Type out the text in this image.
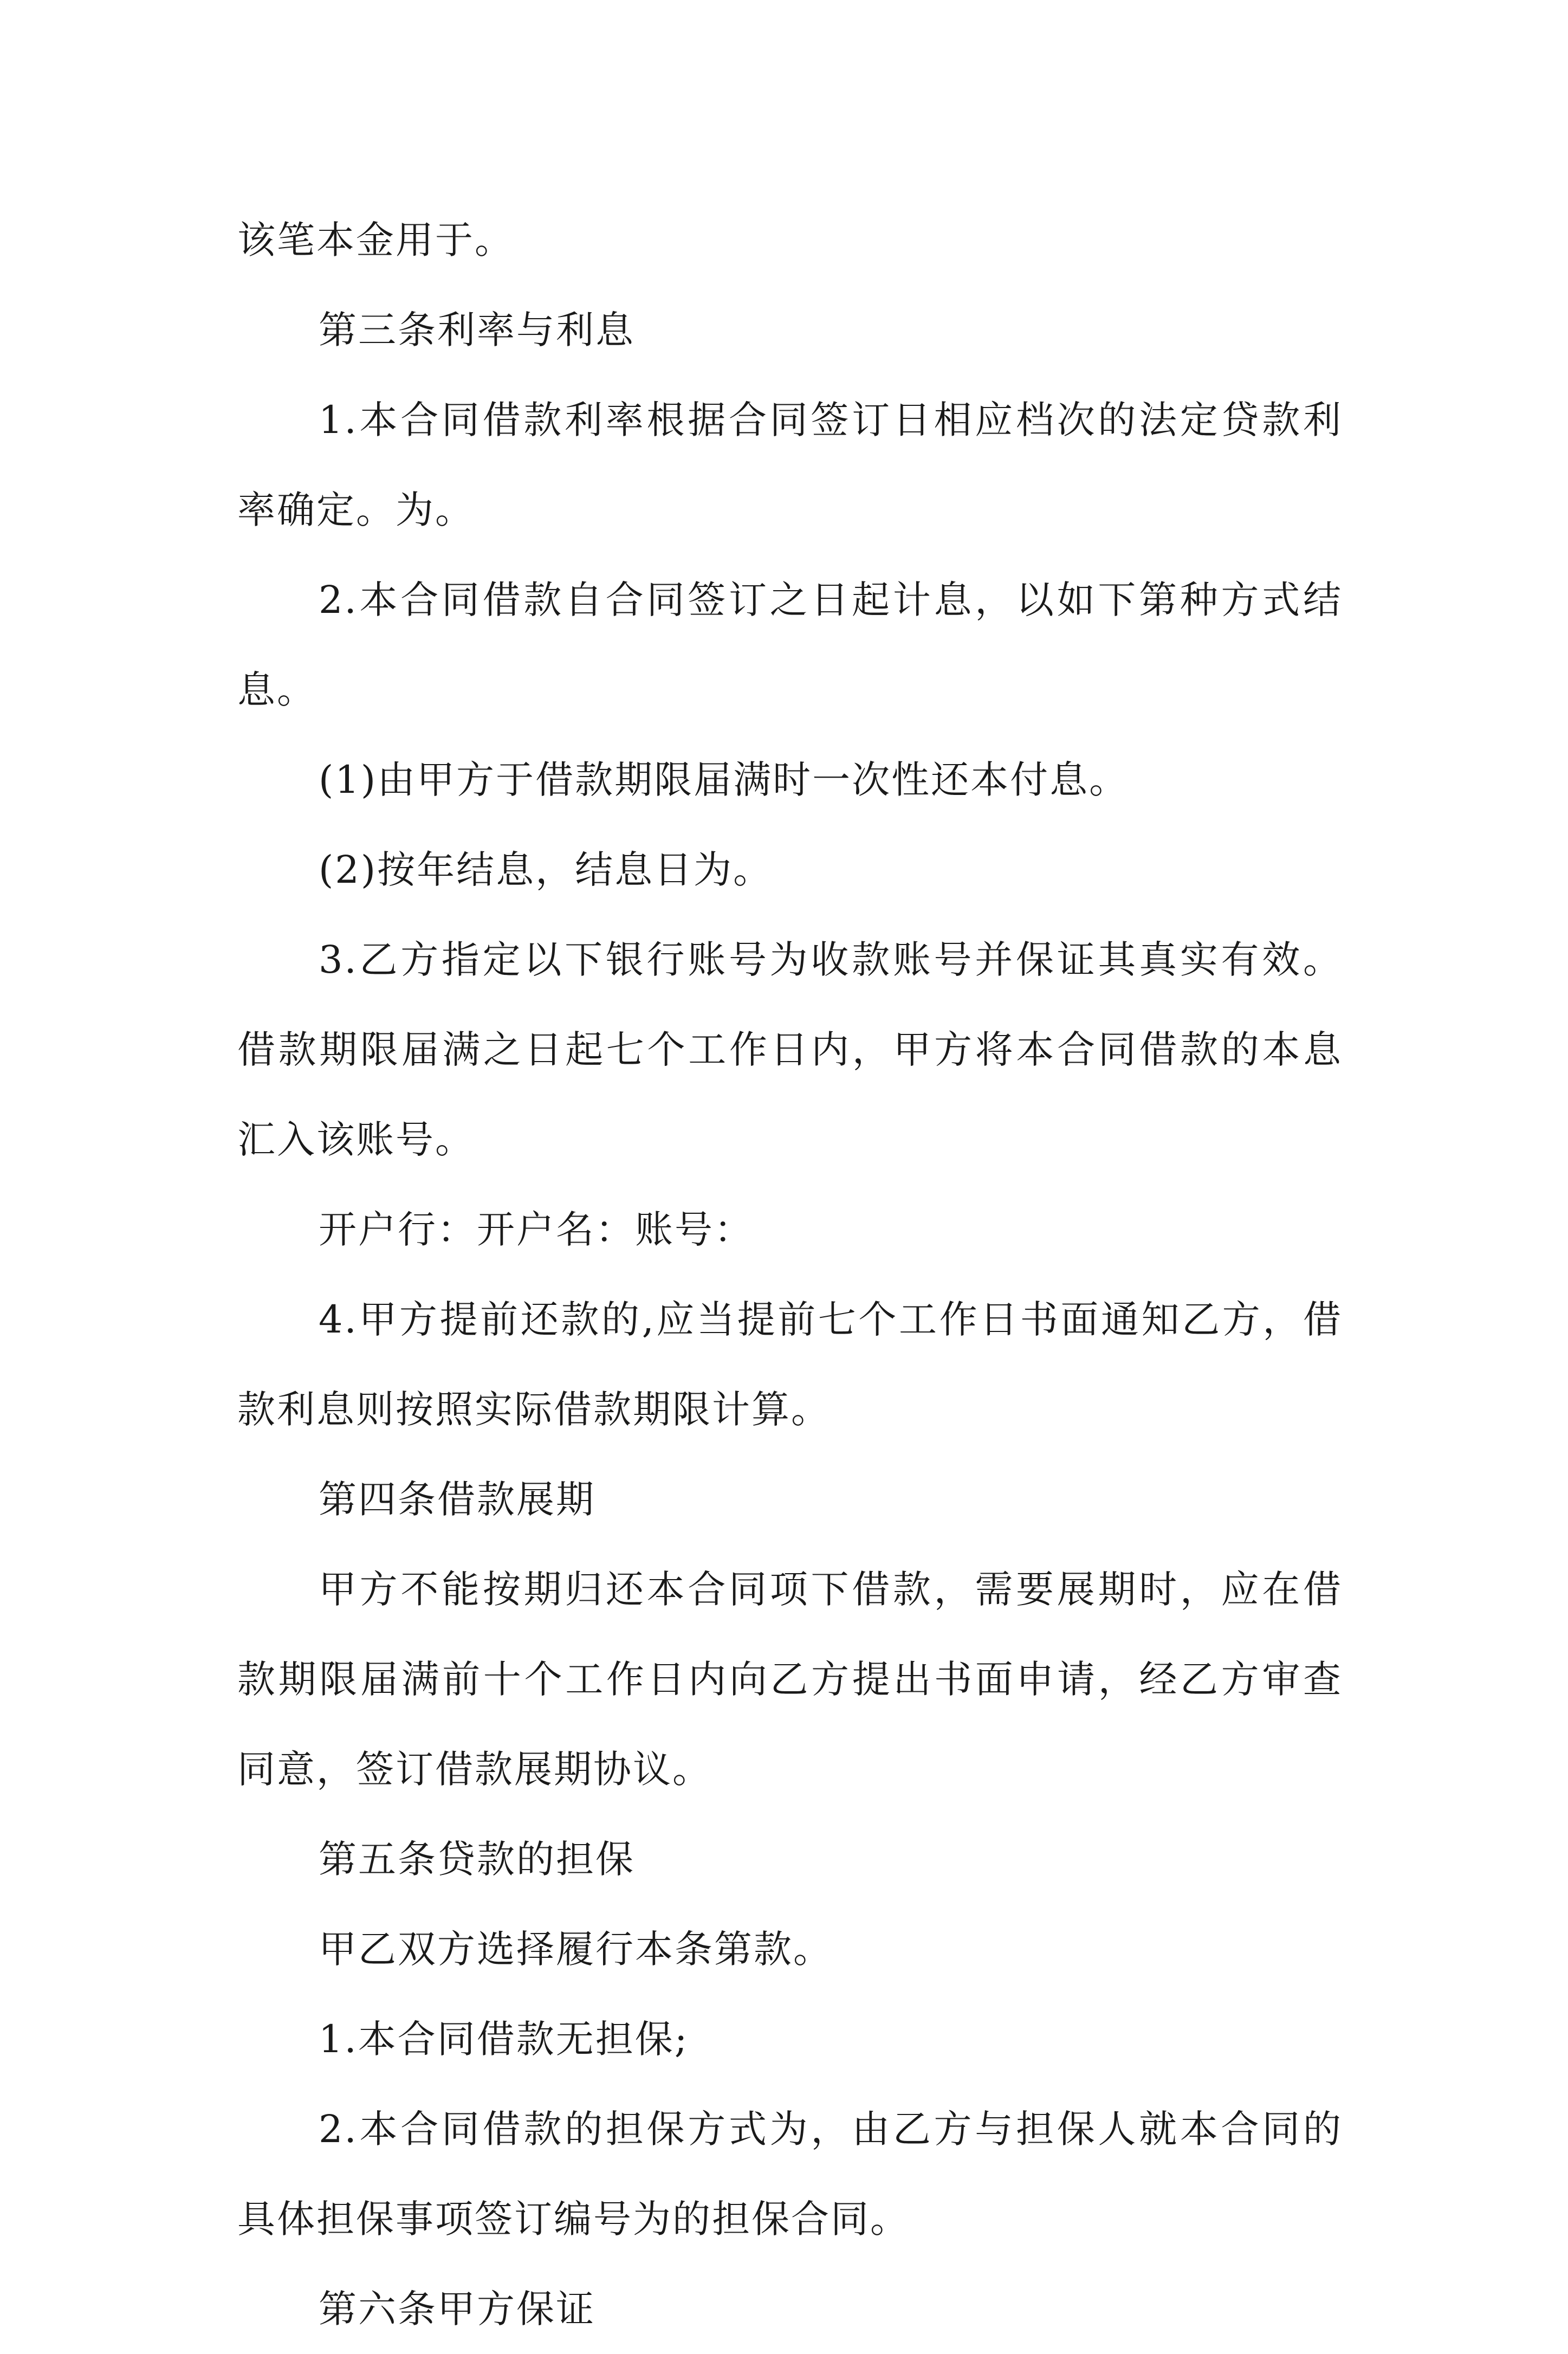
该笔本金用于。

第三条利率与利息

1.本合同借款利率根据合同签订日相应档次的法定贷款利率确定。为。

2.本合同借款自合同签订之日起计息，以如下第种方式结息。

(1)由甲方于借款期限届满时一次性还本付息。

(2)按年结息，结息日为。

3.乙方指定以下银行账号为收款账号并保证其真实有效。借款期限届满之日起七个工作日内，甲方将本合同借款的本息汇入该账号。

开户行：开户名：账号：

4.甲方提前还款的,应当提前七个工作日书面通知乙方，借款利息则按照实际借款期限计算。

第四条借款展期

甲方不能按期归还本合同项下借款，需要展期时，应在借款期限届满前十个工作日内向乙方提出书面申请，经乙方审查同意，签订借款展期协议。

第五条贷款的担保

甲乙双方选择履行本条第款。

1.本合同借款无担保;

2.本合同借款的担保方式为，由乙方与担保人就本合同的具体担保事项签订编号为的担保合同。

第六条甲方保证
